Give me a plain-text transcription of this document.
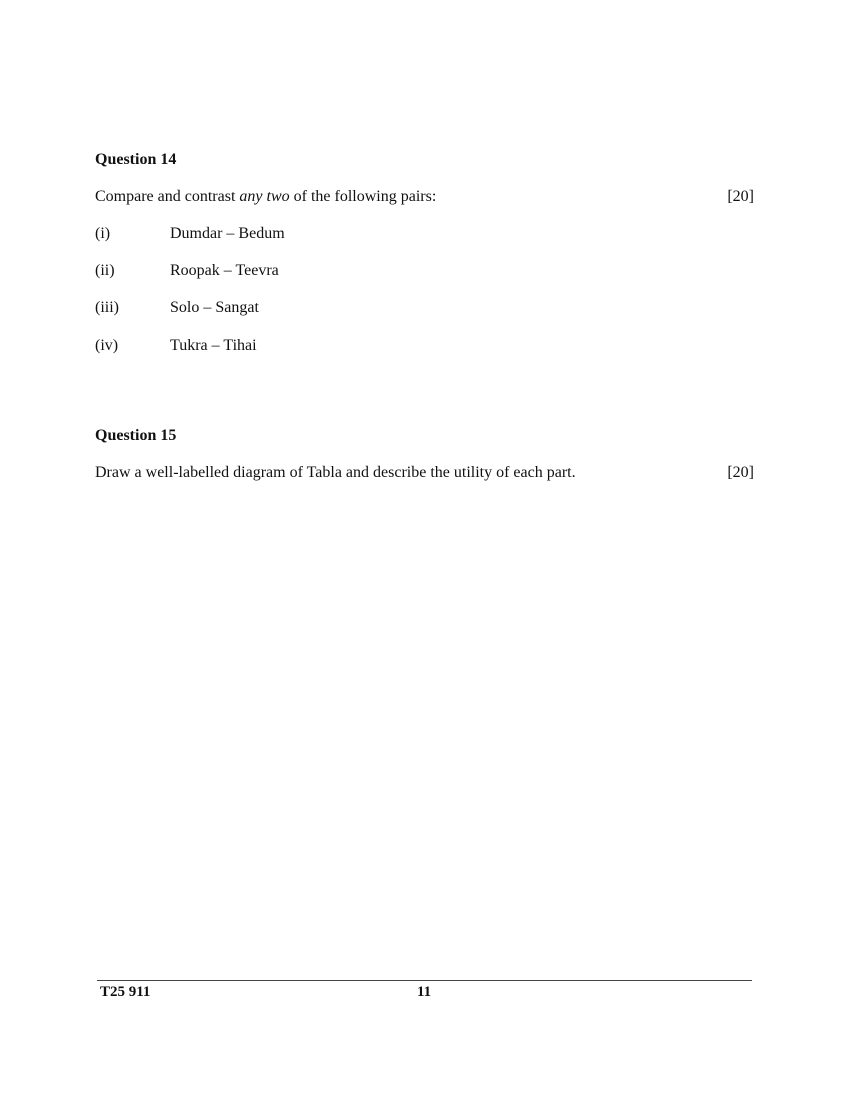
Question 14
Compare and contrast any two of the following pairs:	[20]
(i)	Dumdar – Bedum
(ii)	Roopak – Teevra
(iii)	Solo – Sangat
(iv)	Tukra – Tihai
Question 15
Draw a well-labelled diagram of Tabla and describe the utility of each part.	[20]
T25 911	11
